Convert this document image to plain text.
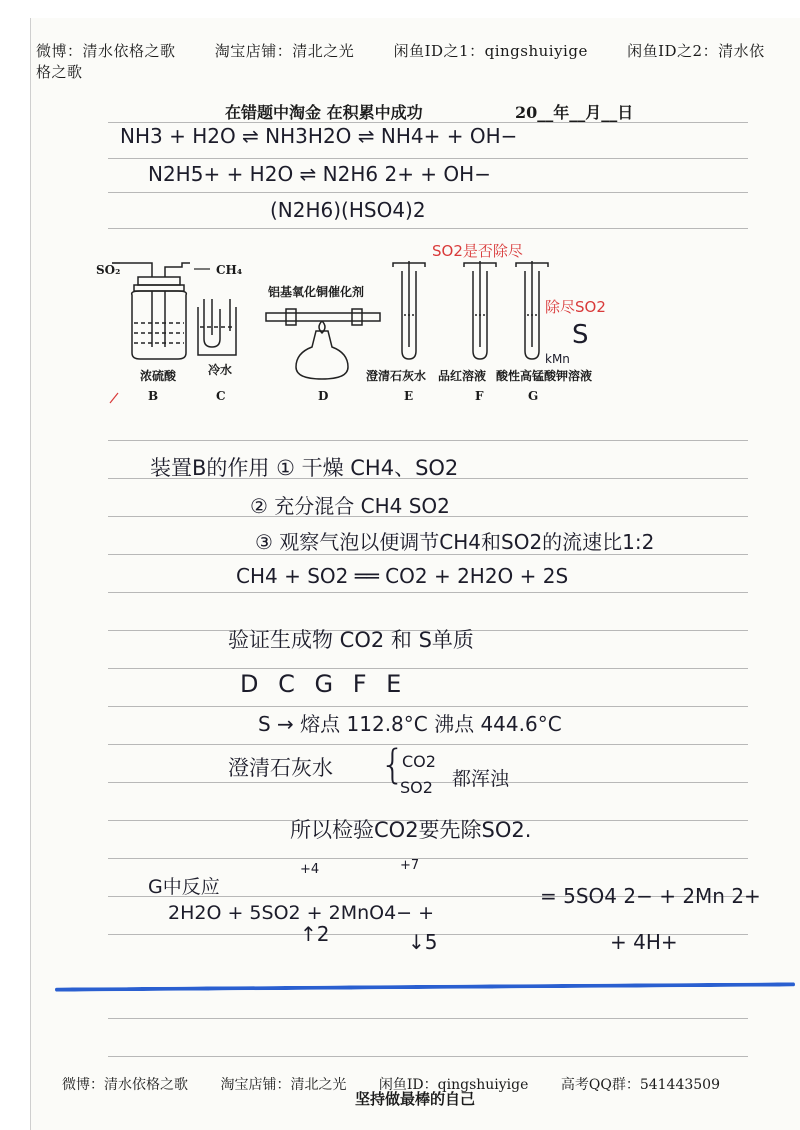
微博：清水依格之歌	淘宝店铺：清北之光	闲鱼ID之1：qingshuiyige	闲鱼ID之2：清水依格之歌
在错题中淘金 在积累中成功	20__年__月__日
NH3 + H2O ⇌ NH3H2O ⇌ NH4+ + OH−
N2H5+ + H2O ⇌ N2H6 2+ + OH−
(N2H6)(HSO4)2
SO2是否除尽
除尽SO2
S
kMn
SO₂	CH₄
浓硫酸	冷水
铝基氧化铜催化剂
澄清石灰水 品红溶液 酸性高锰酸钾溶液
B	C	D	E	F	G
装置B的作用 ① 干燥 CH4、SO2
② 充分混合 CH4 SO2
③ 观察气泡以便调节CH4和SO2的流速比1:2
CH4 + SO2 ══ CO2 + 2H2O + 2S
验证生成物 CO2 和 S单质
D C G F E
S → 熔点 112.8°C 沸点 444.6°C
澄清石灰水 {
CO2
SO2 都浑浊
所以检验CO2要先除SO2.
+4	+7
G中反应
2H2O + 5SO2 + 2MnO4− +
= 5SO4 2− + 2Mn 2+
+ 4H+
↑2	↓5
微博：清水依格之歌 淘宝店铺：清北之光 闲鱼ID：qingshuiyige 高考QQ群：541443509
坚持做最棒的自己
